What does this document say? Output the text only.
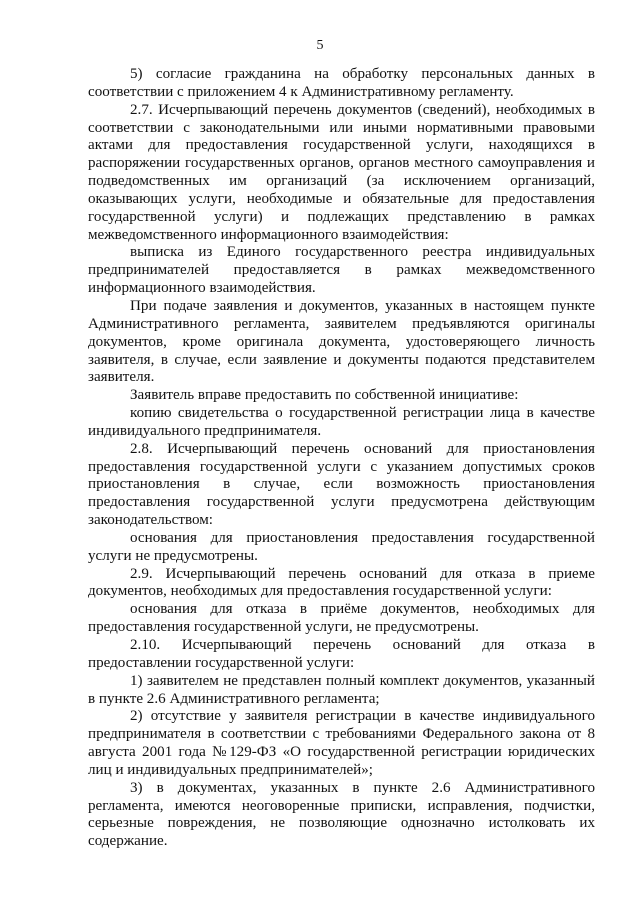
5

5) согласие гражданина на обработку персональных данных в соответствии с приложением 4 к Административному регламенту.

2.7. Исчерпывающий перечень документов (сведений), необходимых в соответствии с законодательными или иными нормативными правовыми актами для предоставления государственной услуги, находящихся в распоряжении государственных органов, органов местного самоуправления и подведомственных им организаций (за исключением организаций, оказывающих услуги, необходимые и обязательные для предоставления государственной услуги) и подлежащих представлению в рамках межведомственного информационного взаимодействия:

выписка из Единого государственного реестра индивидуальных предпринимателей предоставляется в рамках межведомственного информационного взаимодействия.

При подаче заявления и документов, указанных в настоящем пункте Административного регламента, заявителем предъявляются оригиналы документов, кроме оригинала документа, удостоверяющего личность заявителя, в случае, если заявление и документы подаются представителем заявителя.

Заявитель вправе предоставить по собственной инициативе:

копию свидетельства о государственной регистрации лица в качестве индивидуального предпринимателя.

2.8. Исчерпывающий перечень оснований для приостановления предоставления государственной услуги с указанием допустимых сроков приостановления в случае, если возможность приостановления предоставления государственной услуги предусмотрена действующим законодательством:

основания для приостановления предоставления государственной услуги не предусмотрены.

2.9. Исчерпывающий перечень оснований для отказа в приеме документов, необходимых для предоставления государственной услуги:

основания для отказа в приёме документов, необходимых для предоставления государственной услуги, не предусмотрены.

2.10. Исчерпывающий перечень оснований для отказа в предоставлении государственной услуги:

1) заявителем не представлен полный комплект документов, указанный в пункте 2.6 Административного регламента;

2) отсутствие у заявителя регистрации в качестве индивидуального предпринимателя в соответствии с требованиями Федерального закона от 8 августа 2001 года №129-ФЗ «О государственной регистрации юридических лиц и индивидуальных предпринимателей»;

3) в документах, указанных в пункте 2.6 Административного регламента, имеются неоговоренные приписки, исправления, подчистки, серьезные повреждения, не позволяющие однозначно истолковать их содержание.
